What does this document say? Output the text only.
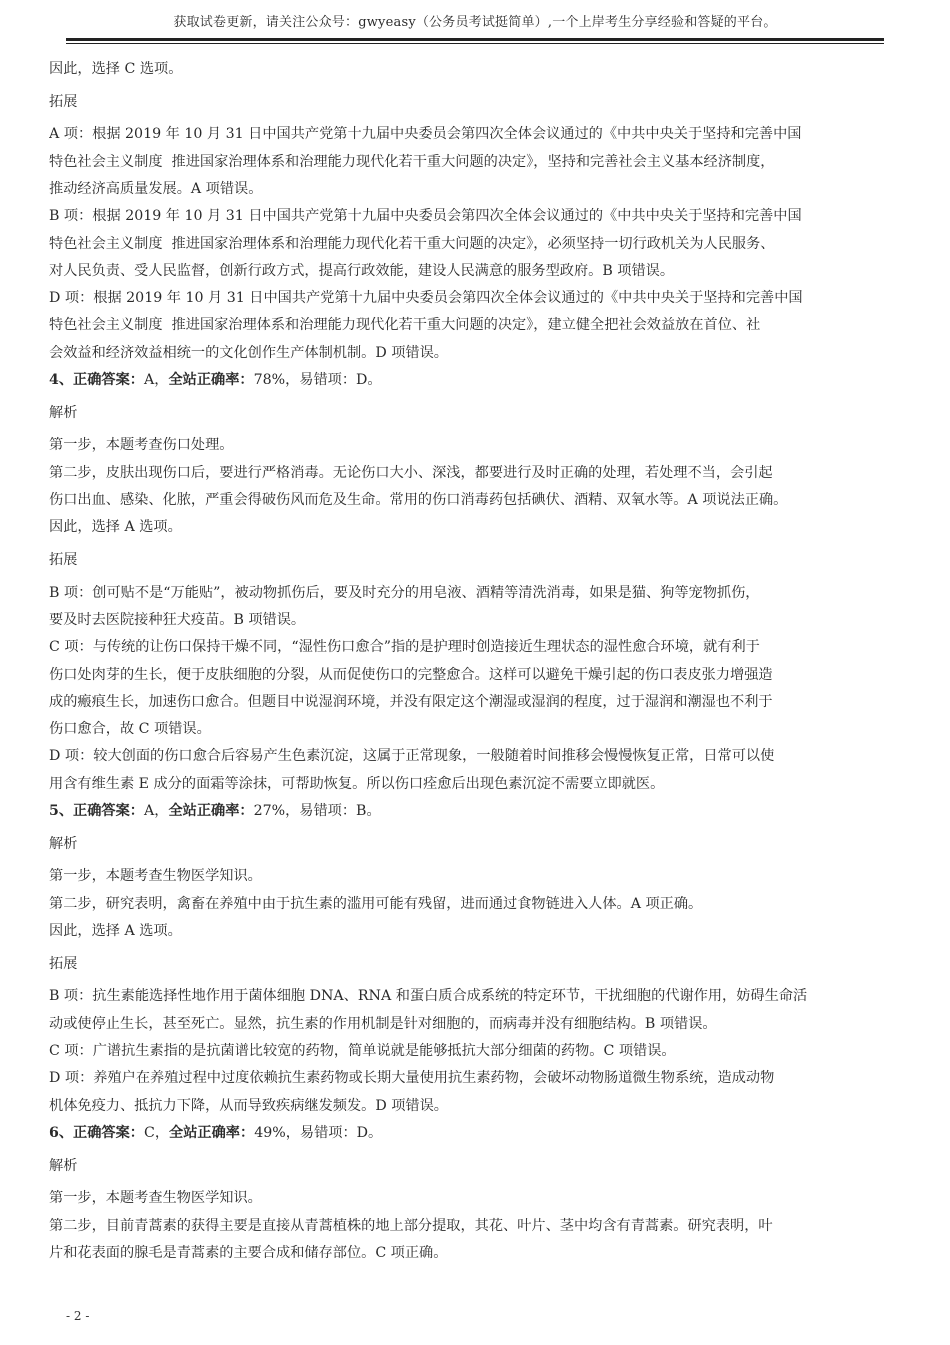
获取试卷更新，请关注公众号：gwyeasy（公务员考试挺简单）,一个上岸考生分享经验和答疑的平台。
因此，选择 C 选项。
拓展
A 项：根据 2019 年 10 月 31 日中国共产党第十九届中央委员会第四次全体会议通过的《中共中央关于坚持和完善中国
特色社会主义制度  推进国家治理体系和治理能力现代化若干重大问题的决定》，坚持和完善社会主义基本经济制度，
推动经济高质量发展。A 项错误。
B 项：根据 2019 年 10 月 31 日中国共产党第十九届中央委员会第四次全体会议通过的《中共中央关于坚持和完善中国
特色社会主义制度  推进国家治理体系和治理能力现代化若干重大问题的决定》，必须坚持一切行政机关为人民服务、
对人民负责、受人民监督，创新行政方式，提高行政效能，建设人民满意的服务型政府。B 项错误。
D 项：根据 2019 年 10 月 31 日中国共产党第十九届中央委员会第四次全体会议通过的《中共中央关于坚持和完善中国
特色社会主义制度  推进国家治理体系和治理能力现代化若干重大问题的决定》，建立健全把社会效益放在首位、社
会效益和经济效益相统一的文化创作生产体制机制。D 项错误。
4、正确答案：A，全站正确率：78%，易错项：D。
解析
第一步，本题考查伤口处理。
第二步，皮肤出现伤口后，要进行严格消毒。无论伤口大小、深浅，都要进行及时正确的处理，若处理不当，会引起
伤口出血、感染、化脓，严重会得破伤风而危及生命。常用的伤口消毒药包括碘伏、酒精、双氧水等。A 项说法正确。
因此，选择 A 选项。
拓展
B 项：创可贴不是“万能贴”，被动物抓伤后，要及时充分的用皂液、酒精等清洗消毒，如果是猫、狗等宠物抓伤，
要及时去医院接种狂犬疫苗。B 项错误。
C 项：与传统的让伤口保持干燥不同，“湿性伤口愈合”指的是护理时创造接近生理状态的湿性愈合环境，就有利于
伤口处肉芽的生长，便于皮肤细胞的分裂，从而促使伤口的完整愈合。这样可以避免干燥引起的伤口表皮张力增强造
成的瘢痕生长，加速伤口愈合。但题目中说湿润环境，并没有限定这个潮湿或湿润的程度，过于湿润和潮湿也不利于
伤口愈合，故 C 项错误。
D 项：较大创面的伤口愈合后容易产生色素沉淀，这属于正常现象，一般随着时间推移会慢慢恢复正常，日常可以使
用含有维生素 E 成分的面霜等涂抹，可帮助恢复。所以伤口痊愈后出现色素沉淀不需要立即就医。
5、正确答案：A，全站正确率：27%，易错项：B。
解析
第一步，本题考查生物医学知识。
第二步，研究表明，禽畜在养殖中由于抗生素的滥用可能有残留，进而通过食物链进入人体。A 项正确。
因此，选择 A 选项。
拓展
B 项：抗生素能选择性地作用于菌体细胞 DNA、RNA 和蛋白质合成系统的特定环节，干扰细胞的代谢作用，妨碍生命活
动或使停止生长，甚至死亡。显然，抗生素的作用机制是针对细胞的，而病毒并没有细胞结构。B 项错误。
C 项：广谱抗生素指的是抗菌谱比较宽的药物，简单说就是能够抵抗大部分细菌的药物。C 项错误。
D 项：养殖户在养殖过程中过度依赖抗生素药物或长期大量使用抗生素药物，会破坏动物肠道微生物系统，造成动物
机体免疫力、抵抗力下降，从而导致疾病继发频发。D 项错误。
6、正确答案：C，全站正确率：49%，易错项：D。
解析
第一步，本题考查生物医学知识。
第二步，目前青蒿素的获得主要是直接从青蒿植株的地上部分提取，其花、叶片、茎中均含有青蒿素。研究表明，叶
片和花表面的腺毛是青蒿素的主要合成和储存部位。C 项正确。
- 2 -
